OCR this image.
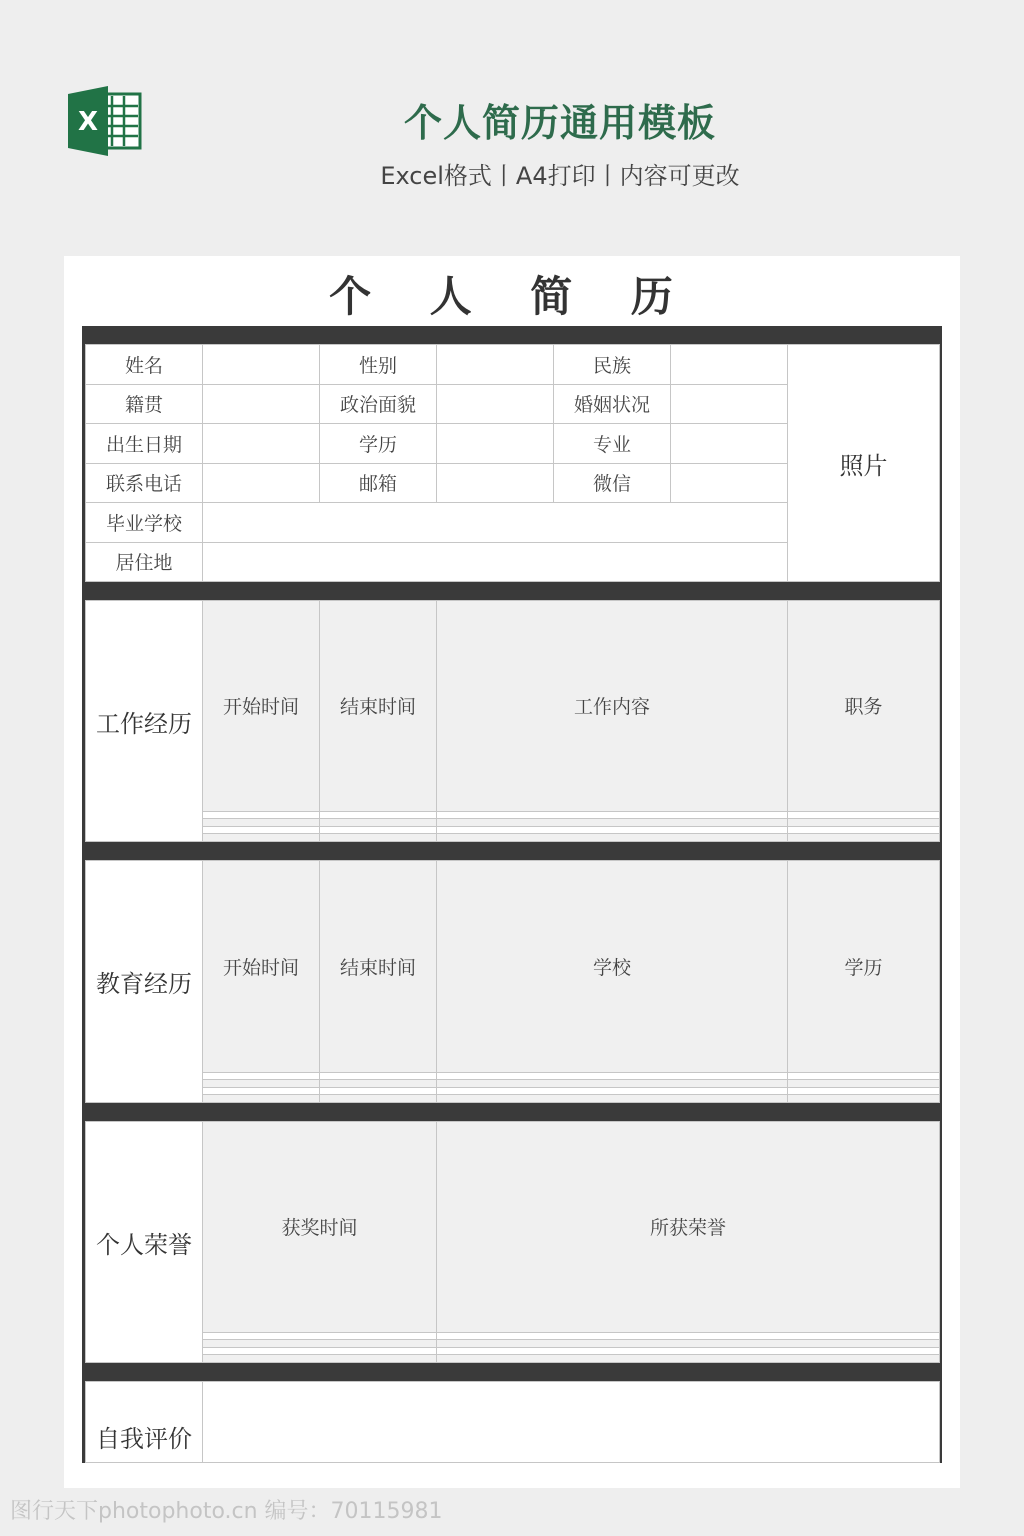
X	个人简历通用模板
Excel格式丨A4打印丨内容可更改
个 人 简 历
姓名		性别		民族		照片
籍贯		政治面貌		婚姻状况		
出生日期		学历		专业		
联系电话		邮箱		微信		
毕业学校						
居住地						
工作经历	开始时间	结束时间	工作内容	职务

教育经历	开始时间	结束时间	学校	学历

个人荣誉	获奖时间	所获荣誉

自我评价	
图行天下photophoto.cn 编号：70115981
